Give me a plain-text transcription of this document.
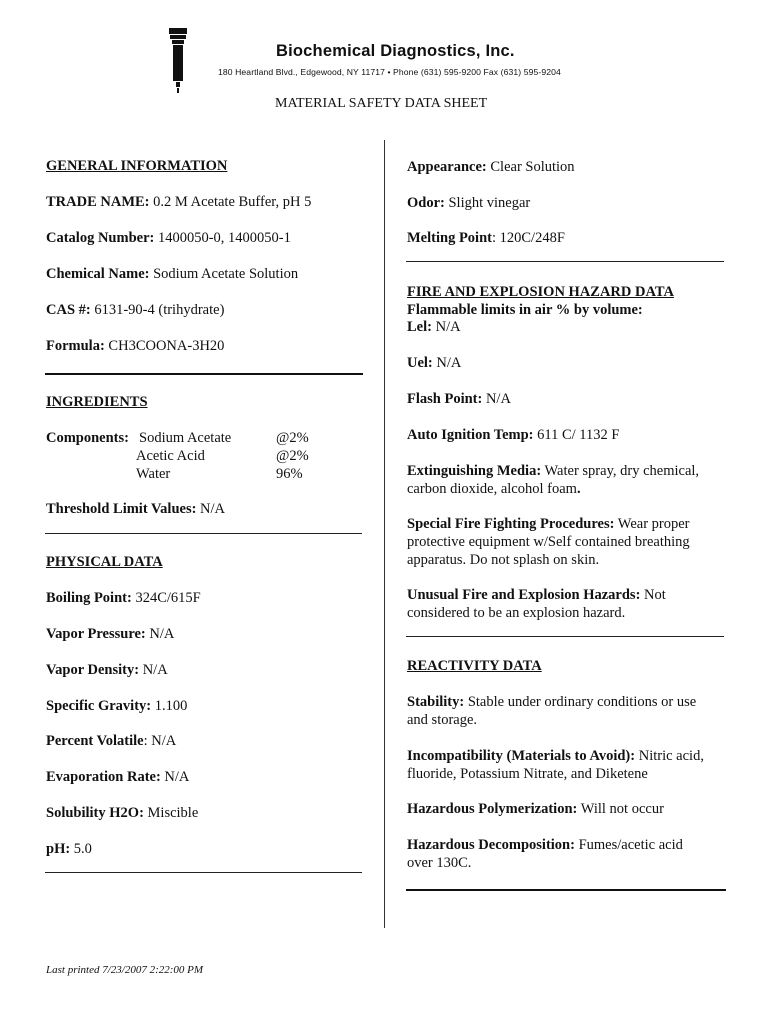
Biochemical Diagnostics, Inc.
180 Heartland Blvd., Edgewood, NY 11717 • Phone (631) 595-9200 Fax (631) 595-9204
MATERIAL SAFETY DATA SHEET
GENERAL INFORMATION
TRADE NAME: 0.2 M Acetate Buffer, pH 5
Catalog Number: 1400050-0, 1400050-1
Chemical Name: Sodium Acetate Solution
CAS #: 6131-90-4 (trihydrate)
Formula: CH3COONA-3H20
INGREDIENTS
Components: Sodium Acetate	@2%
Acetic Acid	@2%
Water	96%
Threshold Limit Values: N/A
PHYSICAL DATA
Boiling Point: 324C/615F
Vapor Pressure: N/A
Vapor Density: N/A
Specific Gravity: 1.100
Percent Volatile: N/A
Evaporation Rate: N/A
Solubility H2O: Miscible
pH: 5.0
Appearance: Clear Solution
Odor: Slight vinegar
Melting Point: 120C/248F
FIRE AND EXPLOSION HAZARD DATA
Flammable limits in air % by volume:
Lel: N/A
Uel: N/A
Flash Point: N/A
Auto Ignition Temp: 611 C/ 1132 F
Extinguishing Media: Water spray, dry chemical,
carbon dioxide, alcohol foam.
Special Fire Fighting Procedures: Wear proper
protective equipment w/Self contained breathing
apparatus. Do not splash on skin.
Unusual Fire and Explosion Hazards: Not
considered to be an explosion hazard.
REACTIVITY DATA
Stability: Stable under ordinary conditions or use
and storage.
Incompatibility (Materials to Avoid): Nitric acid,
fluoride, Potassium Nitrate, and Diketene
Hazardous Polymerization: Will not occur
Hazardous Decomposition: Fumes/acetic acid
over 130C.
Last printed 7/23/2007 2:22:00 PM
